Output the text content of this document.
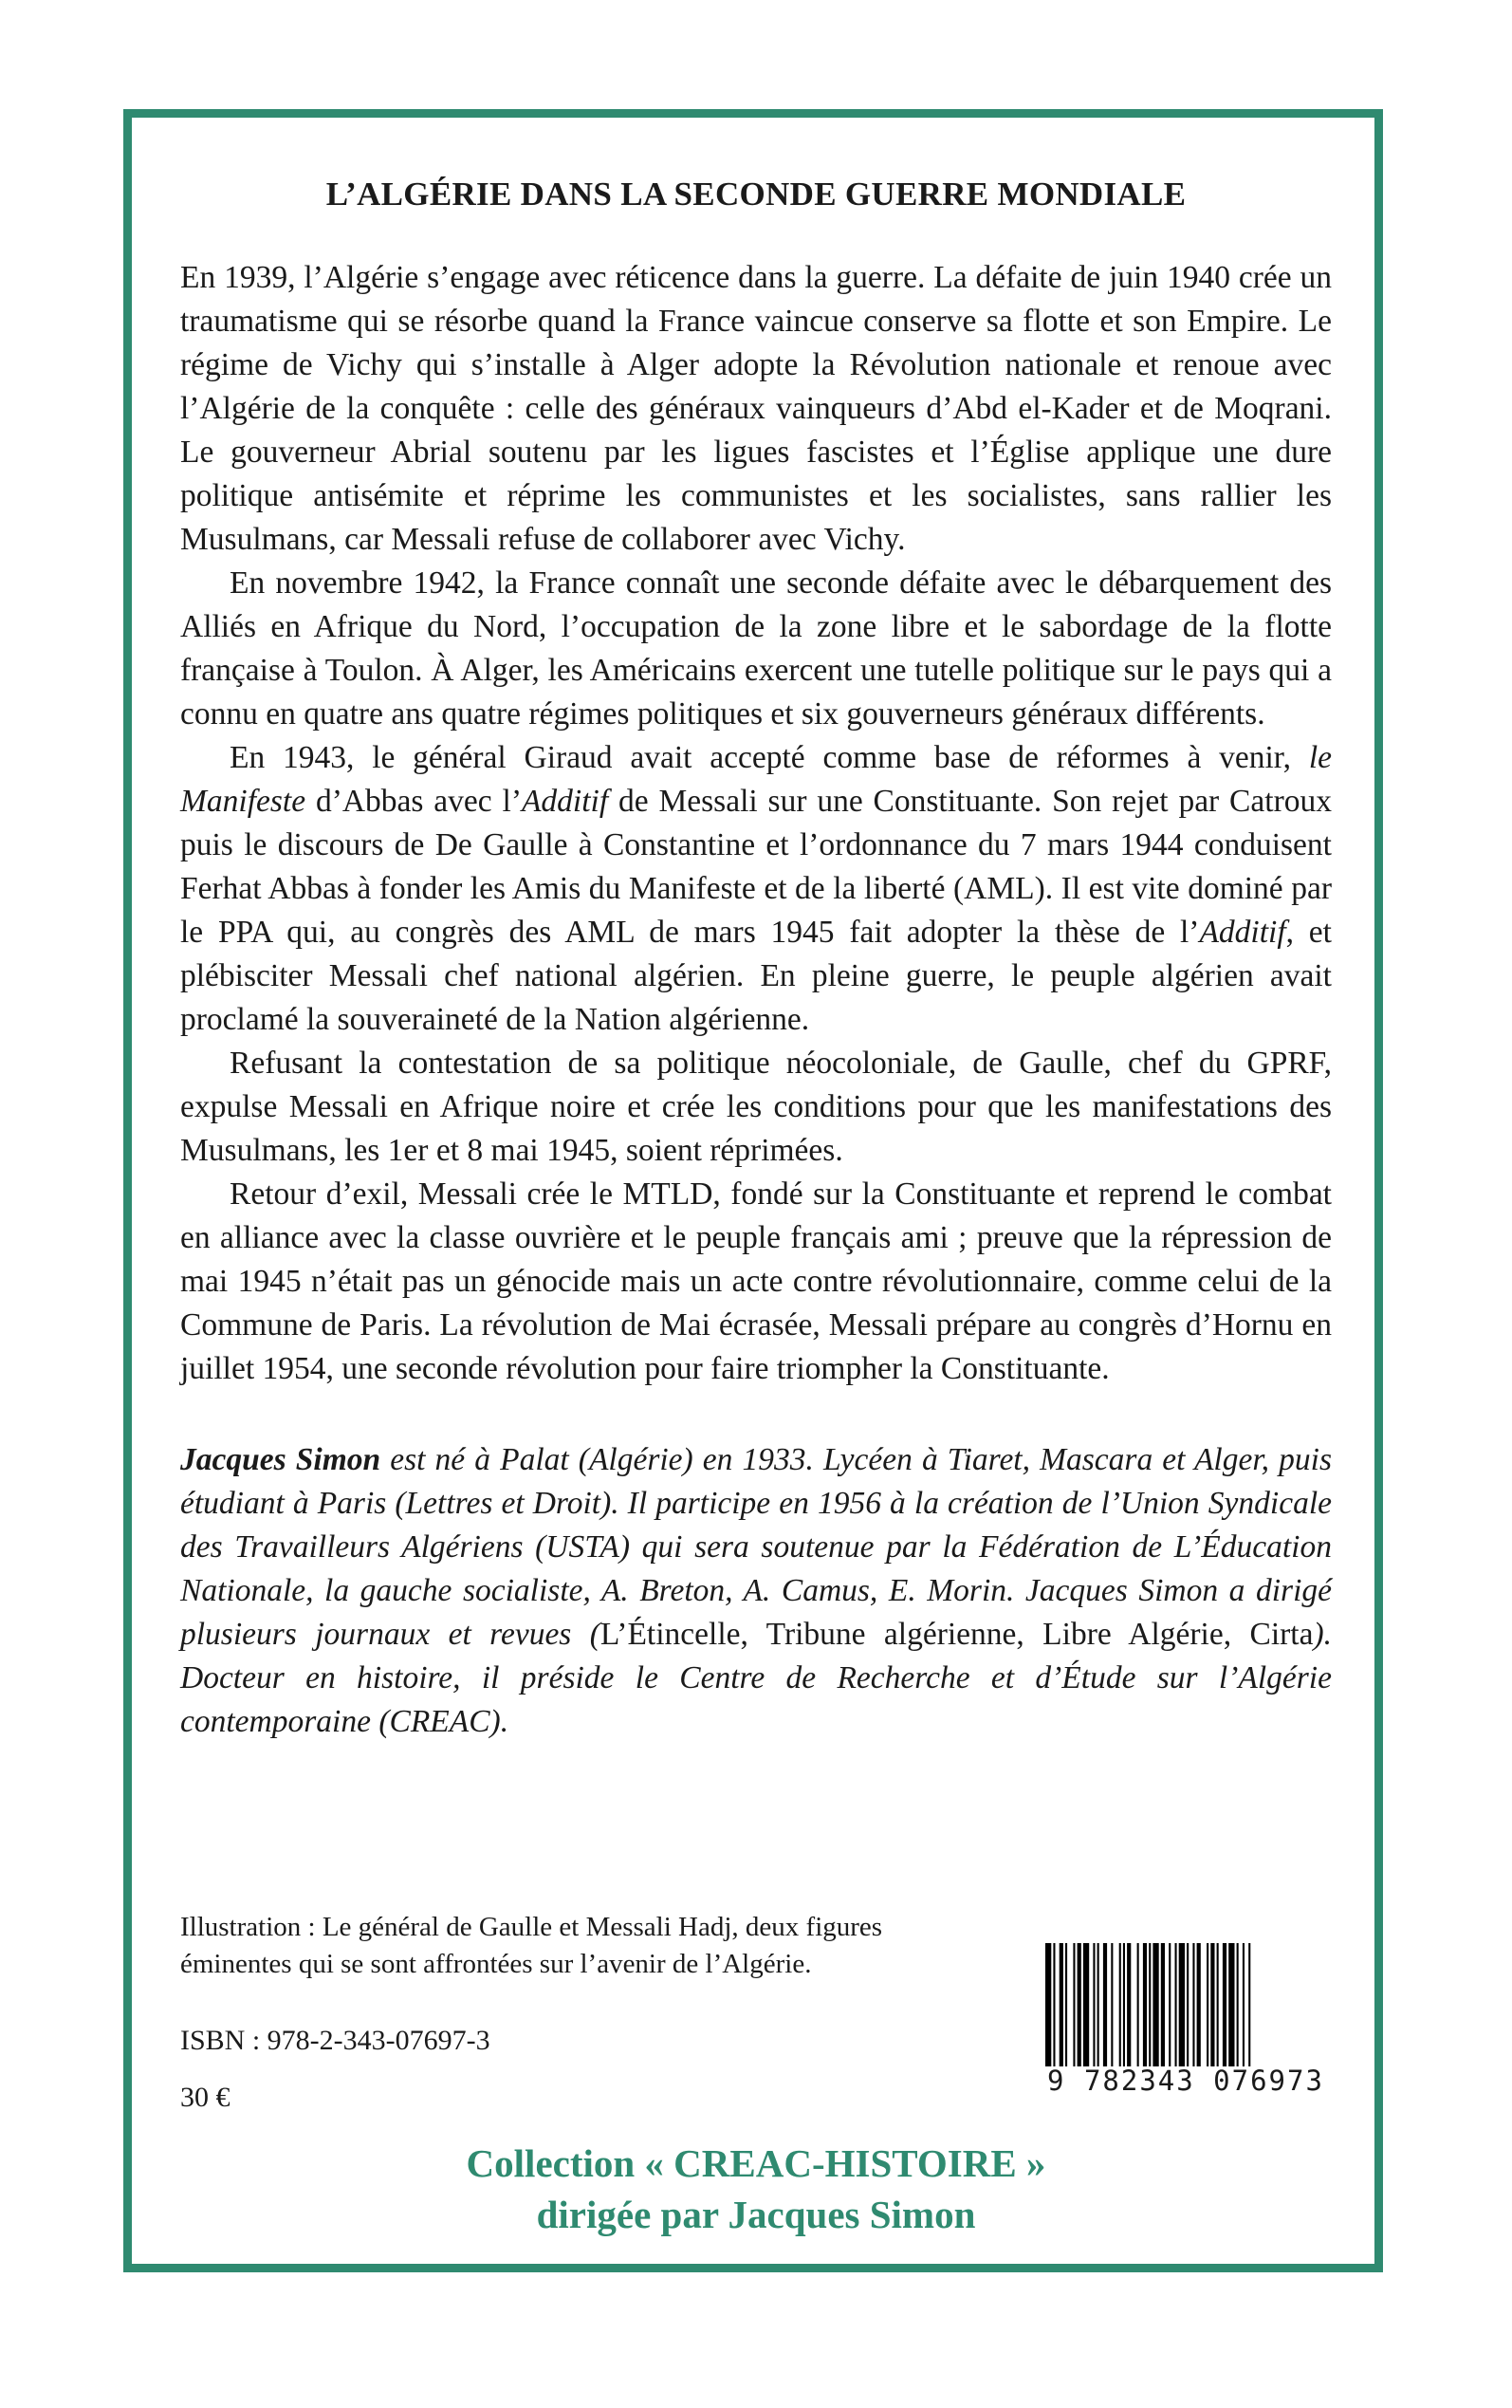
L’ALGÉRIE DANS LA SECONDE GUERRE MONDIALE

En 1939, l’Algérie s’engage avec réticence dans la guerre. La défaite de juin 1940 crée un traumatisme qui se résorbe quand la France vaincue conserve sa flotte et son Empire. Le régime de Vichy qui s’installe à Alger adopte la Révolution nationale et renoue avec l’Algérie de la conquête : celle des généraux vainqueurs d’Abd el-Kader et de Moqrani. Le gouverneur Abrial soutenu par les ligues fascistes et l’Église applique une dure politique antisémite et réprime les communistes et les socialistes, sans rallier les Musulmans, car Messali refuse de collaborer avec Vichy.

En novembre 1942, la France connaît une seconde défaite avec le débarquement des Alliés en Afrique du Nord, l’occupation de la zone libre et le sabordage de la flotte française à Toulon. À Alger, les Américains exercent une tutelle politique sur le pays qui a connu en quatre ans quatre régimes politiques et six gouverneurs généraux différents.

En 1943, le général Giraud avait accepté comme base de réformes à venir, le Manifeste d’Abbas avec l’Additif de Messali sur une Constituante. Son rejet par Catroux puis le discours de De Gaulle à Constantine et l’ordonnance du 7 mars 1944 conduisent Ferhat Abbas à fonder les Amis du Manifeste et de la liberté (AML). Il est vite dominé par le PPA qui, au congrès des AML de mars 1945 fait adopter la thèse de l’Additif, et plébisciter Messali chef national algérien. En pleine guerre, le peuple algérien avait proclamé la souveraineté de la Nation algérienne.

Refusant la contestation de sa politique néocoloniale, de Gaulle, chef du GPRF, expulse Messali en Afrique noire et crée les conditions pour que les manifestations des Musulmans, les 1er et 8 mai 1945, soient réprimées.

Retour d’exil, Messali crée le MTLD, fondé sur la Constituante et reprend le combat en alliance avec la classe ouvrière et le peuple français ami ; preuve que la répression de mai 1945 n’était pas un génocide mais un acte contre révolutionnaire, comme celui de la Commune de Paris. La révolution de Mai écrasée, Messali prépare au congrès d’Hornu en juillet 1954, une seconde révolution pour faire triompher la Constituante.

Jacques Simon est né à Palat (Algérie) en 1933. Lycéen à Tiaret, Mascara et Alger, puis étudiant à Paris (Lettres et Droit). Il participe en 1956 à la création de l’Union Syndicale des Travailleurs Algériens (USTA) qui sera soutenue par la Fédération de L’Éducation Nationale, la gauche socialiste, A. Breton, A. Camus, E. Morin. Jacques Simon a dirigé plusieurs journaux et revues (L’Étincelle, Tribune algérienne, Libre Algérie, Cirta). Docteur en histoire, il préside le Centre de Recherche et d’Étude sur l’Algérie contemporaine (CREAC).
Illustration : Le général de Gaulle et Messali Hadj, deux figures éminentes qui se sont affrontées sur l’avenir de l’Algérie.
ISBN : 978-2-343-07697-3
30 €
9 782343 076973
Collection « CREAC-HISTOIRE »
dirigée par Jacques Simon
